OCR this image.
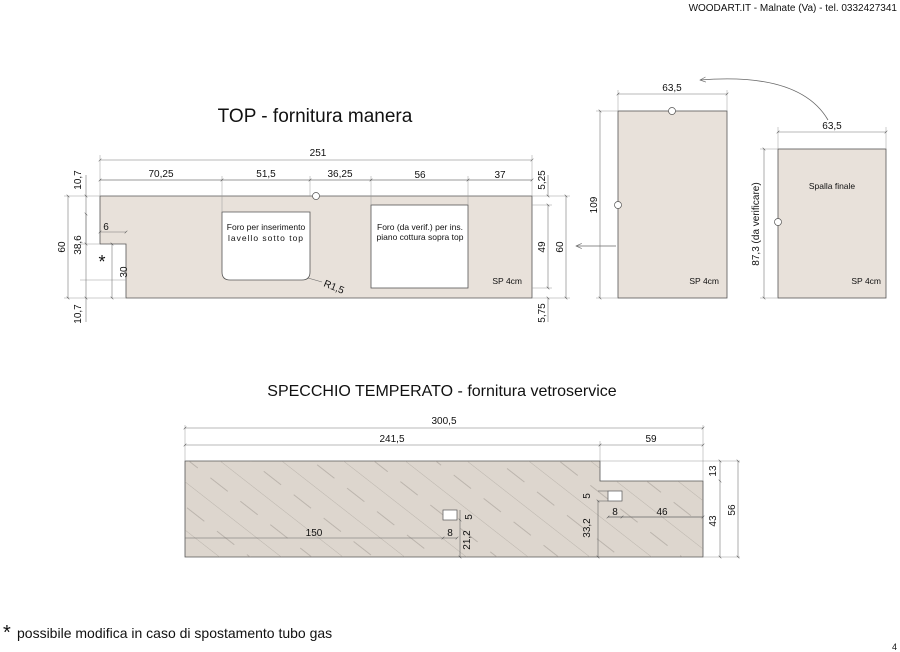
WOODART.IT - Malnate (Va) - tel. 0332427341
TOP - fornitura manera
251
70,25	51,5	36,25	56	37
10,7
60 38,6
10,7
6
30
*
5,25
49 60
5,75
R1,5
Foro per inserimento
lavello sotto top
Foro (da verif.) per ins.
piano cottura sopra top
SP 4cm
63,5
109
SP 4cm
63,5
87,3 (da verificare)	Spalla finale
SP 4cm
SPECCHIO TEMPERATO - fornitura vetroservice
300,5
241,5	59
13
43
56
150	8 21,2
5
33,2
5
8	46
* possibile modifica in caso di spostamento tubo gas
4
